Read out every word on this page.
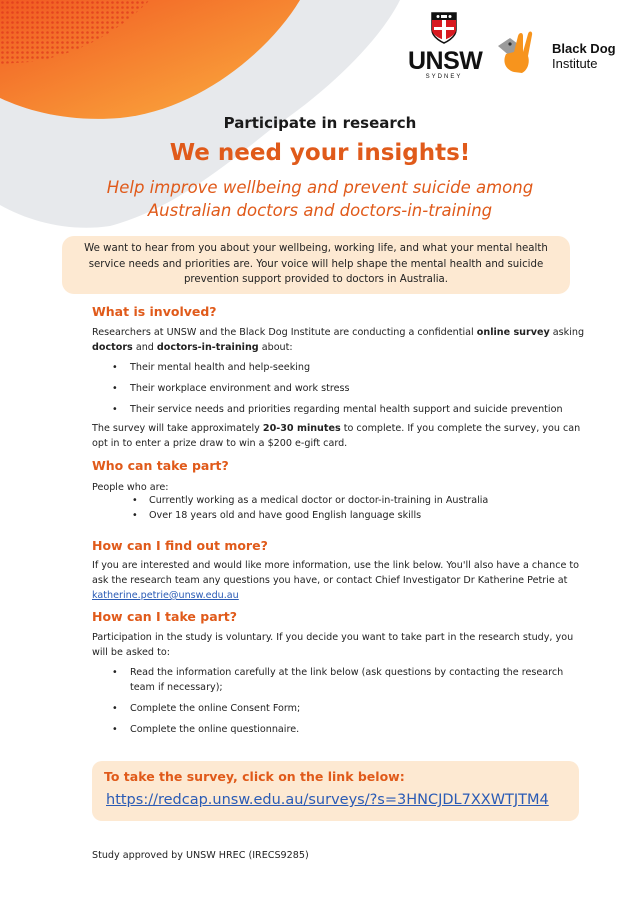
UNSW
SYDNEY
Black Dog
Institute
Participate in research
We need your insights!
Help improve wellbeing and prevent suicide among
Australian doctors and doctors-in-training
We want to hear from you about your wellbeing, working life, and what your mental health service needs and priorities are. Your voice will help shape the mental health and suicide prevention support provided to doctors in Australia.
What is involved?
Researchers at UNSW and the Black Dog Institute are conducting a confidential online survey asking doctors and doctors-in-training about:
• Their mental health and help-seeking
• Their workplace environment and work stress
• Their service needs and priorities regarding mental health support and suicide prevention
The survey will take approximately 20-30 minutes to complete. If you complete the survey, you can opt in to enter a prize draw to win a $200 e-gift card.
Who can take part?
People who are:
• Currently working as a medical doctor or doctor-in-training in Australia
• Over 18 years old and have good English language skills
How can I find out more?
If you are interested and would like more information, use the link below. You'll also have a chance to ask the research team any questions you have, or contact Chief Investigator Dr Katherine Petrie at katherine.petrie@unsw.edu.au
How can I take part?
Participation in the study is voluntary. If you decide you want to take part in the research study, you will be asked to:
• Read the information carefully at the link below (ask questions by contacting the research team if necessary);
• Complete the online Consent Form;
• Complete the online questionnaire.
To take the survey, click on the link below:
https://redcap.unsw.edu.au/surveys/?s=3HNCJDL7XXWTJTM4
Study approved by UNSW HREC (IRECS9285)
